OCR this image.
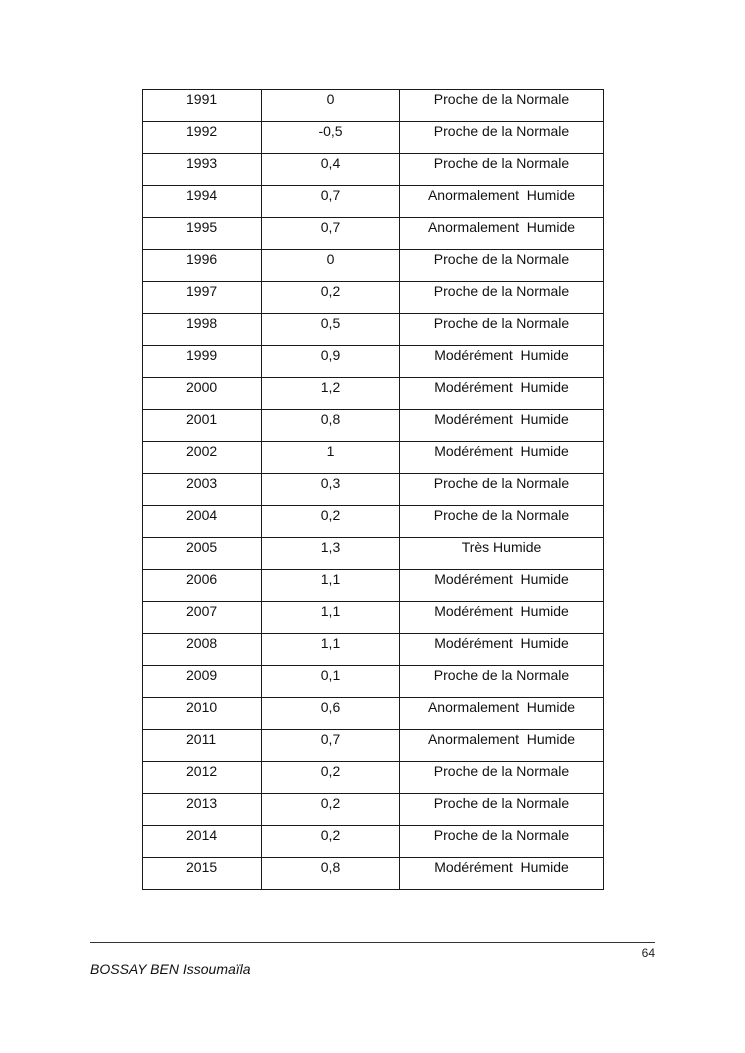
1991	0	Proche de la Normale
1992	-0,5	Proche de la Normale
1993	0,4	Proche de la Normale
1994	0,7	Anormalement  Humide
1995	0,7	Anormalement  Humide
1996	0	Proche de la Normale
1997	0,2	Proche de la Normale
1998	0,5	Proche de la Normale
1999	0,9	Modérément  Humide
2000	1,2	Modérément  Humide
2001	0,8	Modérément  Humide
2002	1	Modérément  Humide
2003	0,3	Proche de la Normale
2004	0,2	Proche de la Normale
2005	1,3	Très Humide
2006	1,1	Modérément  Humide
2007	1,1	Modérément  Humide
2008	1,1	Modérément  Humide
2009	0,1	Proche de la Normale
2010	0,6	Anormalement  Humide
2011	0,7	Anormalement  Humide
2012	0,2	Proche de la Normale
2013	0,2	Proche de la Normale
2014	0,2	Proche de la Normale
2015	0,8	Modérément  Humide
64
BOSSAY BEN Issoumaïla
